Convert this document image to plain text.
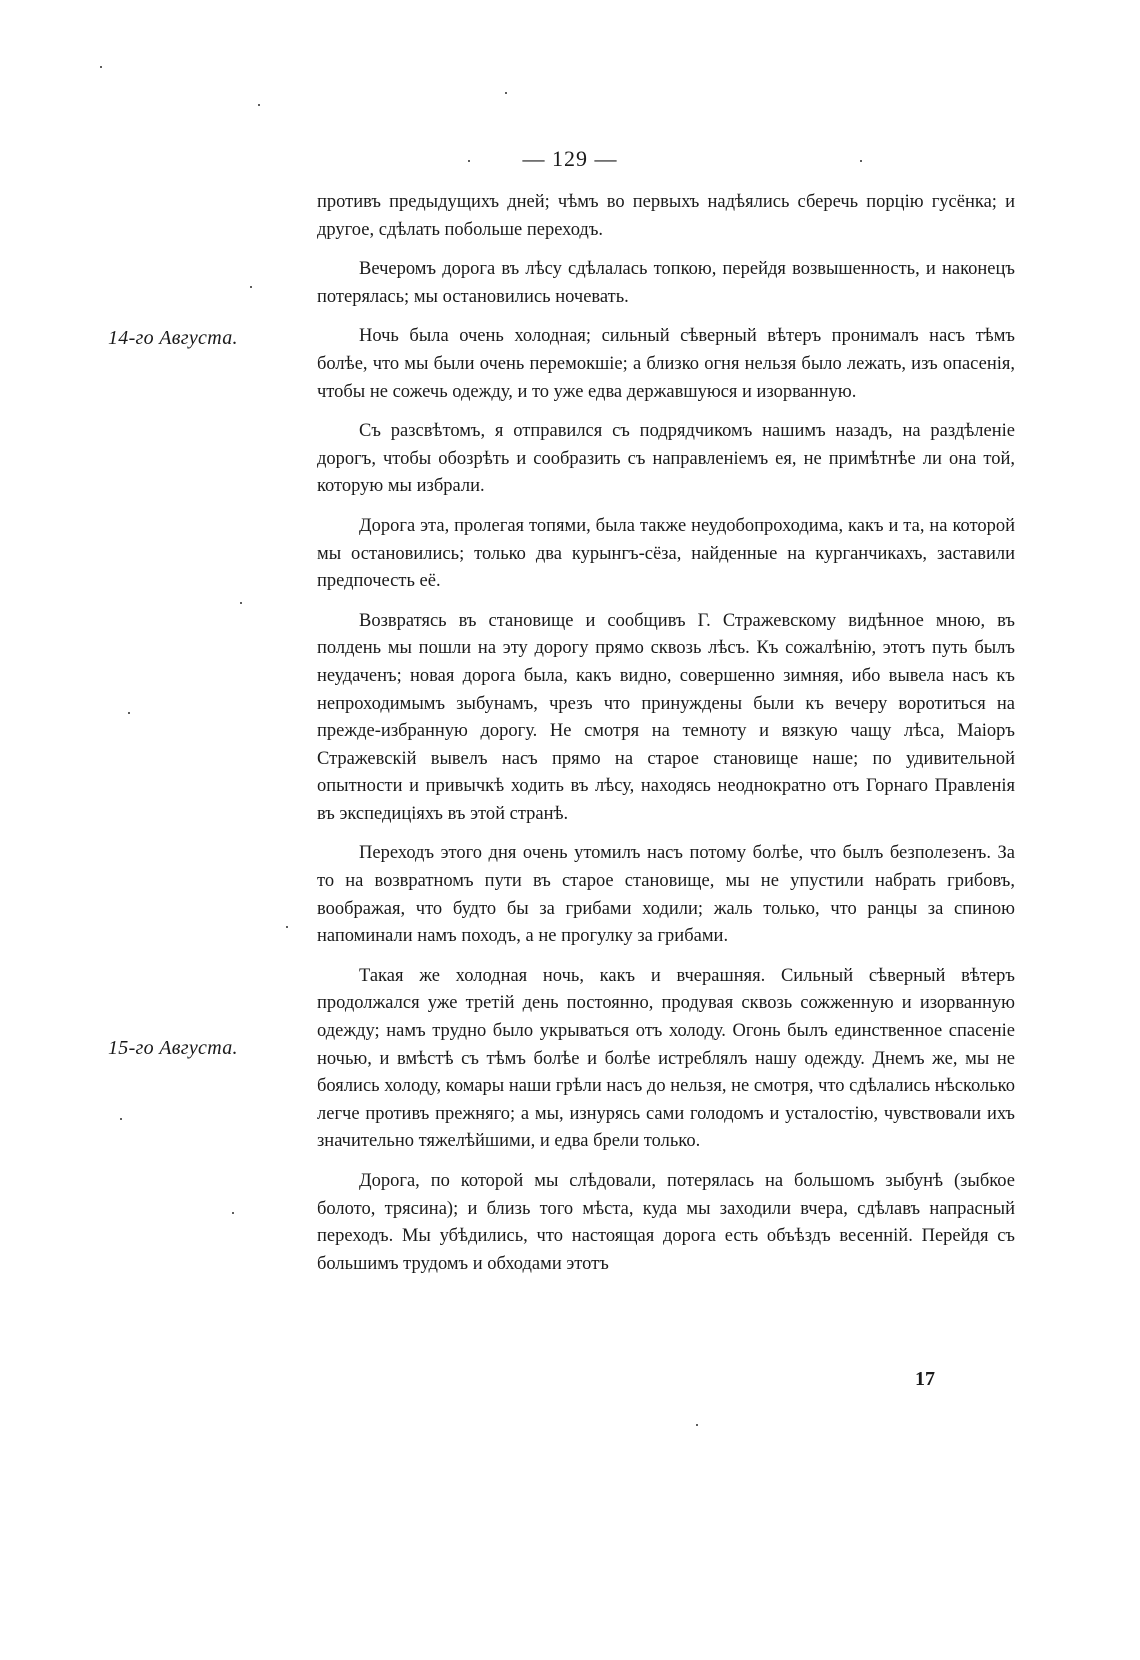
— 129 —
14-го Августа.
15-го Августа.

противъ предыдущихъ дней; чѣмъ во первыхъ надѣялись сберечь порцію гусёнка; и другое, сдѣлать побольше переходъ.

Вечеромъ дорога въ лѣсу сдѣлалась топкою, перейдя возвышенность, и наконецъ потерялась; мы остановились ночевать.

Ночь была очень холодная; сильный сѣверный вѣтеръ пронималъ насъ тѣмъ болѣе, что мы были очень перемокшіе; а близко огня нельзя было лежать, изъ опасенія, чтобы не сожечь одежду, и то уже едва державшуюся и изорванную.

Съ разсвѣтомъ, я отправился съ подрядчикомъ нашимъ назадъ, на раздѣленіе дорогъ, чтобы обозрѣть и сообразить съ направленіемъ ея, не примѣтнѣе ли она той, которую мы избрали.

Дорога эта, пролегая топями, была также неудобопроходима, какъ и та, на которой мы остановились; только два курынгъ-сёза, найденные на курганчикахъ, заставили предпочесть её.

Возвратясь въ становище и сообщивъ Г. Стражевскому видѣнное мною, въ полдень мы пошли на эту дорогу прямо сквозь лѣсъ. Къ сожалѣнію, этотъ путь былъ неудаченъ; новая дорога была, какъ видно, совершенно зимняя, ибо вывела насъ къ непроходимымъ зыбунамъ, чрезъ что принуждены были къ вечеру воротиться на прежде-избранную дорогу. Не смотря на темноту и вязкую чащу лѣса, Маіоръ Стражевскій вывелъ насъ прямо на старое становище наше; по удивительной опытности и привычкѣ ходить въ лѣсу, находясь неоднократно отъ Горнаго Правленія въ экспедиціяхъ въ этой странѣ.

Переходъ этого дня очень утомилъ насъ потому болѣе, что былъ безполезенъ. За то на возвратномъ пути въ старое становище, мы не упустили набрать грибовъ, воображая, что будто бы за грибами ходили; жаль только, что ранцы за спиною напоминали намъ походъ, а не прогулку за грибами.

Такая же холодная ночь, какъ и вчерашняя. Сильный сѣверный вѣтеръ продолжался уже третій день постоянно, продувая сквозь сожженную и изорванную одежду; намъ трудно было укрываться отъ холоду. Огонь былъ единственное спасеніе ночью, и вмѣстѣ съ тѣмъ болѣе и болѣе истреблялъ нашу одежду. Днемъ же, мы не боялись холоду, комары наши грѣли насъ до нельзя, не смотря, что сдѣлались нѣсколько легче противъ прежняго; а мы, изнурясь сами голодомъ и усталостію, чувствовали ихъ значительно тяжелѣйшими, и едва брели только.

Дорога, по которой мы слѣдовали, потерялась на большомъ зыбунѣ (зыбкое болото, трясина); и близь того мѣста, куда мы заходили вчера, сдѣлавъ напрасный переходъ. Мы убѣдились, что настоящая дорога есть объѣздъ весенній. Перейдя съ большимъ трудомъ и обходами этотъ

17
